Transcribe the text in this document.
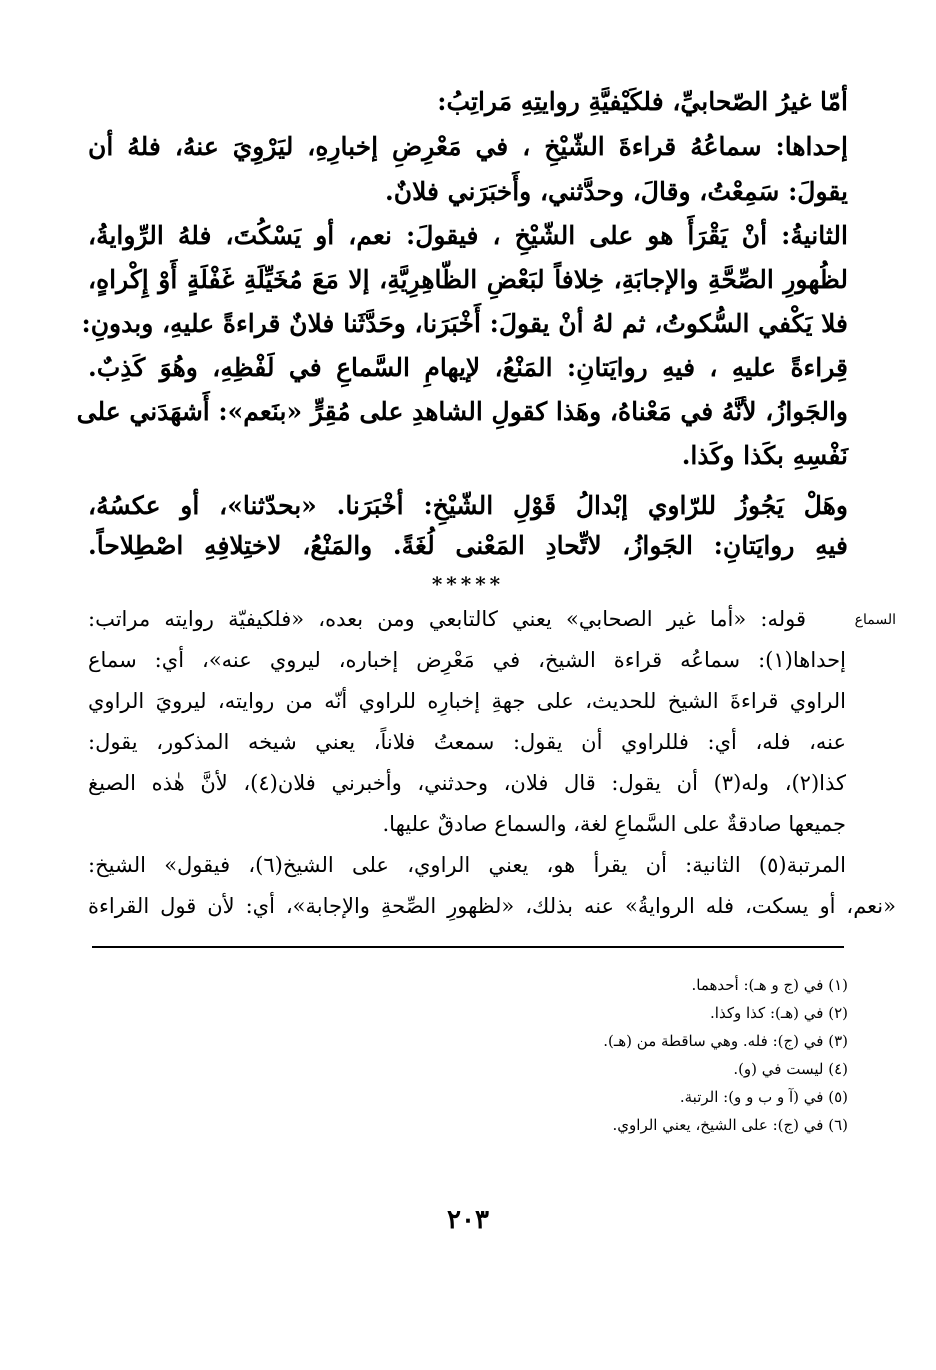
أمّا غيرُ الصّحابيِّ، فلكَيْفيَّةِ روايتِهِ مَراتِبُ:
إحداها: سماعُهُ قراءةَ الشّيْخِ ، في مَعْرِضِ إخبارِهِ، ليَرْوِيَ عنهُ، فلهُ أن
يقولَ: سَمِعْتُ، وقالَ، وحدَّثني، وأَخبَرَني فلانٌ.
الثانيةُ: أنْ يَقْرَأَ هو على الشّيْخِ ، فيقولَ: نعم، أو يَسْكُتَ، فلهُ الرِّوايةُ،
لظُهورِ الصِّحَّةِ والإجابَةِ، خِلافاً لبَعْضِ الظّاهِرِيَّةِ، إلا مَعَ مُخَيِّلَةِ غَفْلَةٍ أَوْ إِكْراهٍ،
فلا يَكْفي السُّكوتُ، ثم لهُ أنْ يقولَ: أَخْبَرَنا، وحَدَّثَنا فلانٌ قراءةً عليهِ، وبدونِ:
قِراءةً عليهِ ، فيهِ روايَتانِ: المَنْعُ، لإيهامِ السَّماعِ في لَفْظِهِ، وهُوَ كَذِبٌ.
والجَوازُ، لأنَّهُ في مَعْناهُ، وهَذا كقولِ الشاهدِ على مُقِرٍّ «بنَعم»: أَشهَدَني على
نَفْسِهِ بكَذا وكَذا.
وهَلْ يَجُوزُ للرّاوي إبْدالُ قَوْلِ الشّيْخِ: أخْبَرَنا. «بحدّثنا»، أو عكسُهُ،
فيهِ روايَتانِ: الجَوازُ، لاتِّحادِ المَعْنى لُغَةً. والمَنْعُ، لاختِلافِهِ اصْطِلاحاً.
*****
السماع
قوله: «أما غير الصحابي» يعني كالتابعي ومن بعده، «فلكيفيّة روايته مراتب:
إحداها(١): سماعُه قراءة الشيخ، في مَعْرِض إخباره، ليروي عنه»، أي: سماع
الراوي قراءةَ الشيخ للحديث، على جهةِ إخبارِه للراوي أنّه من روايته، ليرويَ الراوي
عنه، فله، أي: فللراوي أن يقول: سمعتُ فلاناً، يعني شيخه المذكور، يقول:
كذا(٢)، وله(٣) أن يقول: قال فلان، وحدثني، وأخبرني فلان(٤)، لأنَّ هٰذه الصيغ
جميعها صادقةٌ على السَّماعِ لغة، والسماع صادقٌ عليها.
المرتبة(٥) الثانية: أن يقرأ هو، يعني الراوي، على الشيخ(٦)، فيقول» الشيخ:
«نعم، أو يسكت، فله الروايةُ» عنه بذلك، «لظهورِ الصِّحةِ والإجابة»، أي: لأن قول القراءة
(١) في (ج و هـ): أحدهما.
(٢) في (هـ): كذا وكذا.
(٣) في (ج): فله. وهي ساقطة من (هـ).
(٤) ليست في (و).
(٥) في (آ و ب و و): الرتبة.
(٦) في (ج): على الشيخ، يعني الراوي.
٢٠٣
